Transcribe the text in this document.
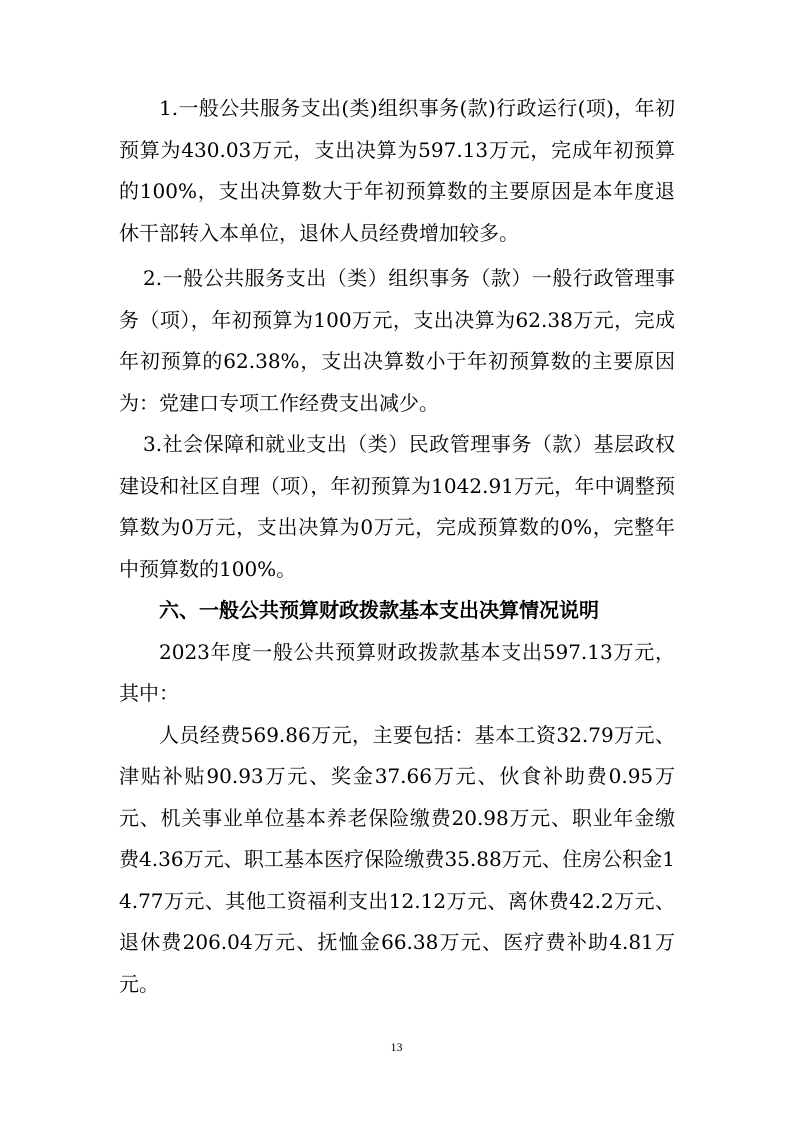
1.一般公共服务支出(类)组织事务(款)行政运行(项)，年初预算为430.03万元，支出决算为597.13万元，完成年初预算的100%，支出决算数大于年初预算数的主要原因是本年度退休干部转入本单位，退休人员经费增加较多。

2.一般公共服务支出（类）组织事务（款）一般行政管理事务（项），年初预算为100万元，支出决算为62.38万元，完成年初预算的62.38%，支出决算数小于年初预算数的主要原因为：党建口专项工作经费支出减少。

3.社会保障和就业支出（类）民政管理事务（款）基层政权建设和社区自理（项），年初预算为1042.91万元，年中调整预算数为0万元，支出决算为0万元，完成预算数的0%，完整年中预算数的100%。

六、一般公共预算财政拨款基本支出决算情况说明

2023年度一般公共预算财政拨款基本支出597.13万元，其中：

人员经费569.86万元，主要包括：基本工资32.79万元、津贴补贴90.93万元、奖金37.66万元、伙食补助费0.95万元、机关事业单位基本养老保险缴费20.98万元、职业年金缴费4.36万元、职工基本医疗保险缴费35.88万元、住房公积金14.77万元、其他工资福利支出12.12万元、离休费42.2万元、退休费206.04万元、抚恤金66.38万元、医疗费补助4.81万元。

13
